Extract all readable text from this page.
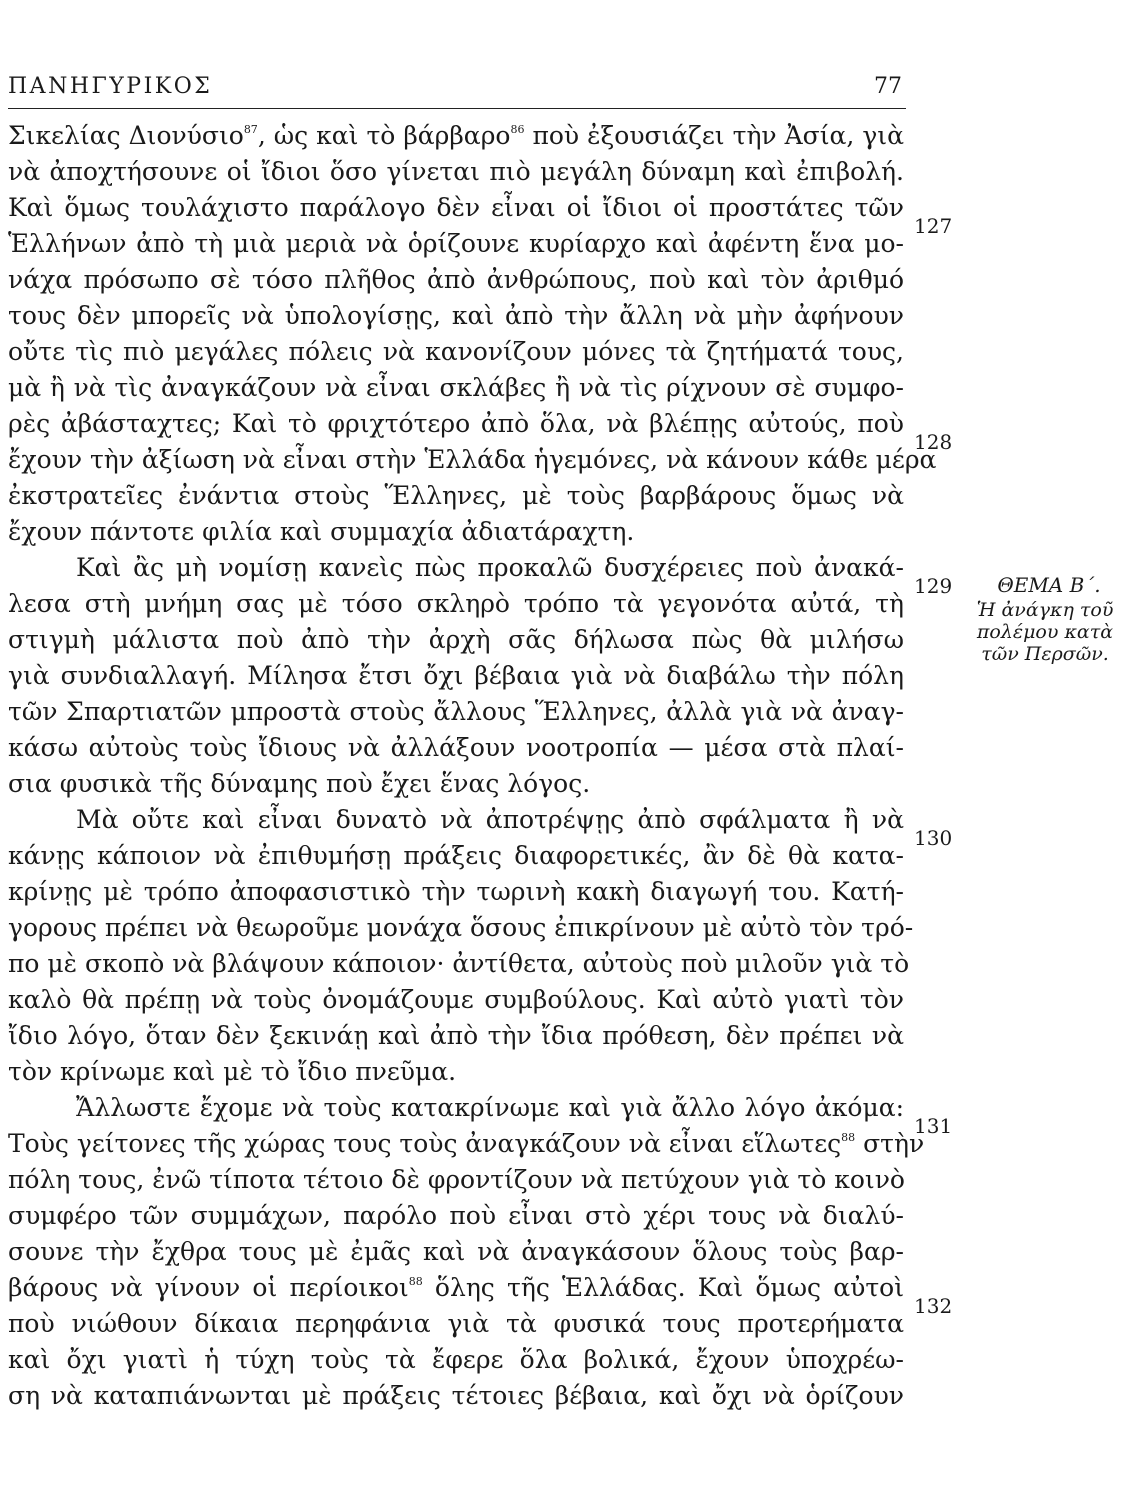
ΠΑΝΗΓΥΡΙΚΟΣ	77
Σικελίας Διονύσιο$^{87}$, ὡς καὶ τὸ βάρβαρο$^{86}$ ποὺ ἐξουσιάζει τὴν Ἀσία, γιὰ
νὰ ἀποχτήσουνε οἱ ἴδιοι ὅσο γίνεται πιὸ μεγάλη δύναμη καὶ ἐπιβολή.
Καὶ ὅμως τουλάχιστο παράλογο δὲν εἶναι οἱ ἴδιοι οἱ προστάτες τῶν
Ἑλλήνων ἀπὸ τὴ μιὰ μεριὰ νὰ ὁρίζουνε κυρίαρχο καὶ ἀφέντη ἕνα μο-
νάχα πρόσωπο σὲ τόσο πλῆθος ἀπὸ ἀνθρώπους, ποὺ καὶ τὸν ἀριθμό
τους δὲν μπορεῖς νὰ ὑπολογίσῃς, καὶ ἀπὸ τὴν ἄλλη νὰ μὴν ἀφήνουν
οὔτε τὶς πιὸ μεγάλες πόλεις νὰ κανονίζουν μόνες τὰ ζητήματά τους,
μὰ ἢ νὰ τὶς ἀναγκάζουν νὰ εἶναι σκλάβες ἢ νὰ τὶς ρίχνουν σὲ συμφο-
ρὲς ἀβάσταχτες; Καὶ τὸ φριχτότερο ἀπὸ ὅλα, νὰ βλέπῃς αὐτούς, ποὺ
ἔχουν τὴν ἀξίωση νὰ εἶναι στὴν Ἑλλάδα ἡγεμόνες, νὰ κάνουν κάθε μέρα
ἐκστρατεῖες ἐνάντια στοὺς Ἕλληνες, μὲ τοὺς βαρβάρους ὅμως νὰ
ἔχουν πάντοτε φιλία καὶ συμμαχία ἀδιατάραχτη.
Καὶ ἂς μὴ νομίσῃ κανεὶς πὼς προκαλῶ δυσχέρειες ποὺ ἀνακά-
λεσα στὴ μνήμη σας μὲ τόσο σκληρὸ τρόπο τὰ γεγονότα αὐτά, τὴ
στιγμὴ μάλιστα ποὺ ἀπὸ τὴν ἀρχὴ σᾶς δήλωσα πὼς θὰ μιλήσω
γιὰ συνδιαλλαγή. Μίλησα ἔτσι ὄχι βέβαια γιὰ νὰ διαβάλω τὴν πόλη
τῶν Σπαρτιατῶν μπροστὰ στοὺς ἄλλους Ἕλληνες, ἀλλὰ γιὰ νὰ ἀναγ-
κάσω αὐτοὺς τοὺς ἴδιους νὰ ἀλλάξουν νοοτροπία — μέσα στὰ πλαί-
σια φυσικὰ τῆς δύναμης ποὺ ἔχει ἕνας λόγος.
Μὰ οὔτε καὶ εἶναι δυνατὸ νὰ ἀποτρέψῃς ἀπὸ σφάλματα ἢ νὰ
κάνῃς κάποιον νὰ ἐπιθυμήσῃ πράξεις διαφορετικές, ἂν δὲ θὰ κατα-
κρίνῃς μὲ τρόπο ἀποφασιστικὸ τὴν τωρινὴ κακὴ διαγωγή του. Κατή-
γορους πρέπει νὰ θεωροῦμε μονάχα ὅσους ἐπικρίνουν μὲ αὐτὸ τὸν τρό-
πο μὲ σκοπὸ νὰ βλάψουν κάποιον· ἀντίθετα, αὐτοὺς ποὺ μιλοῦν γιὰ τὸ
καλὸ θὰ πρέπῃ νὰ τοὺς ὀνομάζουμε συμβούλους. Καὶ αὐτὸ γιατὶ τὸν
ἴδιο λόγο, ὅταν δὲν ξεκινάῃ καὶ ἀπὸ τὴν ἴδια πρόθεση, δὲν πρέπει νὰ
τὸν κρίνωμε καὶ μὲ τὸ ἴδιο πνεῦμα.
Ἄλλωστε ἔχομε νὰ τοὺς κατακρίνωμε καὶ γιὰ ἄλλο λόγο ἀκόμα:
Τοὺς γείτονες τῆς χώρας τους τοὺς ἀναγκάζουν νὰ εἶναι εἵλωτες$^{88}$ στὴν
πόλη τους, ἐνῶ τίποτα τέτοιο δὲ φροντίζουν νὰ πετύχουν γιὰ τὸ κοινὸ
συμφέρο τῶν συμμάχων, παρόλο ποὺ εἶναι στὸ χέρι τους νὰ διαλύ-
σουνε τὴν ἔχθρα τους μὲ ἐμᾶς καὶ νὰ ἀναγκάσουν ὅλους τοὺς βαρ-
βάρους νὰ γίνουν οἱ περίοικοι$^{88}$ ὅλης τῆς Ἑλλάδας. Καὶ ὅμως αὐτοὶ
ποὺ νιώθουν δίκαια περηφάνια γιὰ τὰ φυσικά τους προτερήματα
καὶ ὄχι γιατὶ ἡ τύχη τοὺς τὰ ἔφερε ὅλα βολικά, ἔχουν ὑποχρέω-
ση νὰ καταπιάνωνται μὲ πράξεις τέτοιες βέβαια, καὶ ὄχι νὰ ὁρίζουν
127
128
129
130
131
132
ΘΕΜΑ Β΄.
Ἡ ἀνάγκη τοῦ
πολέμου κατὰ
τῶν Περσῶν.
